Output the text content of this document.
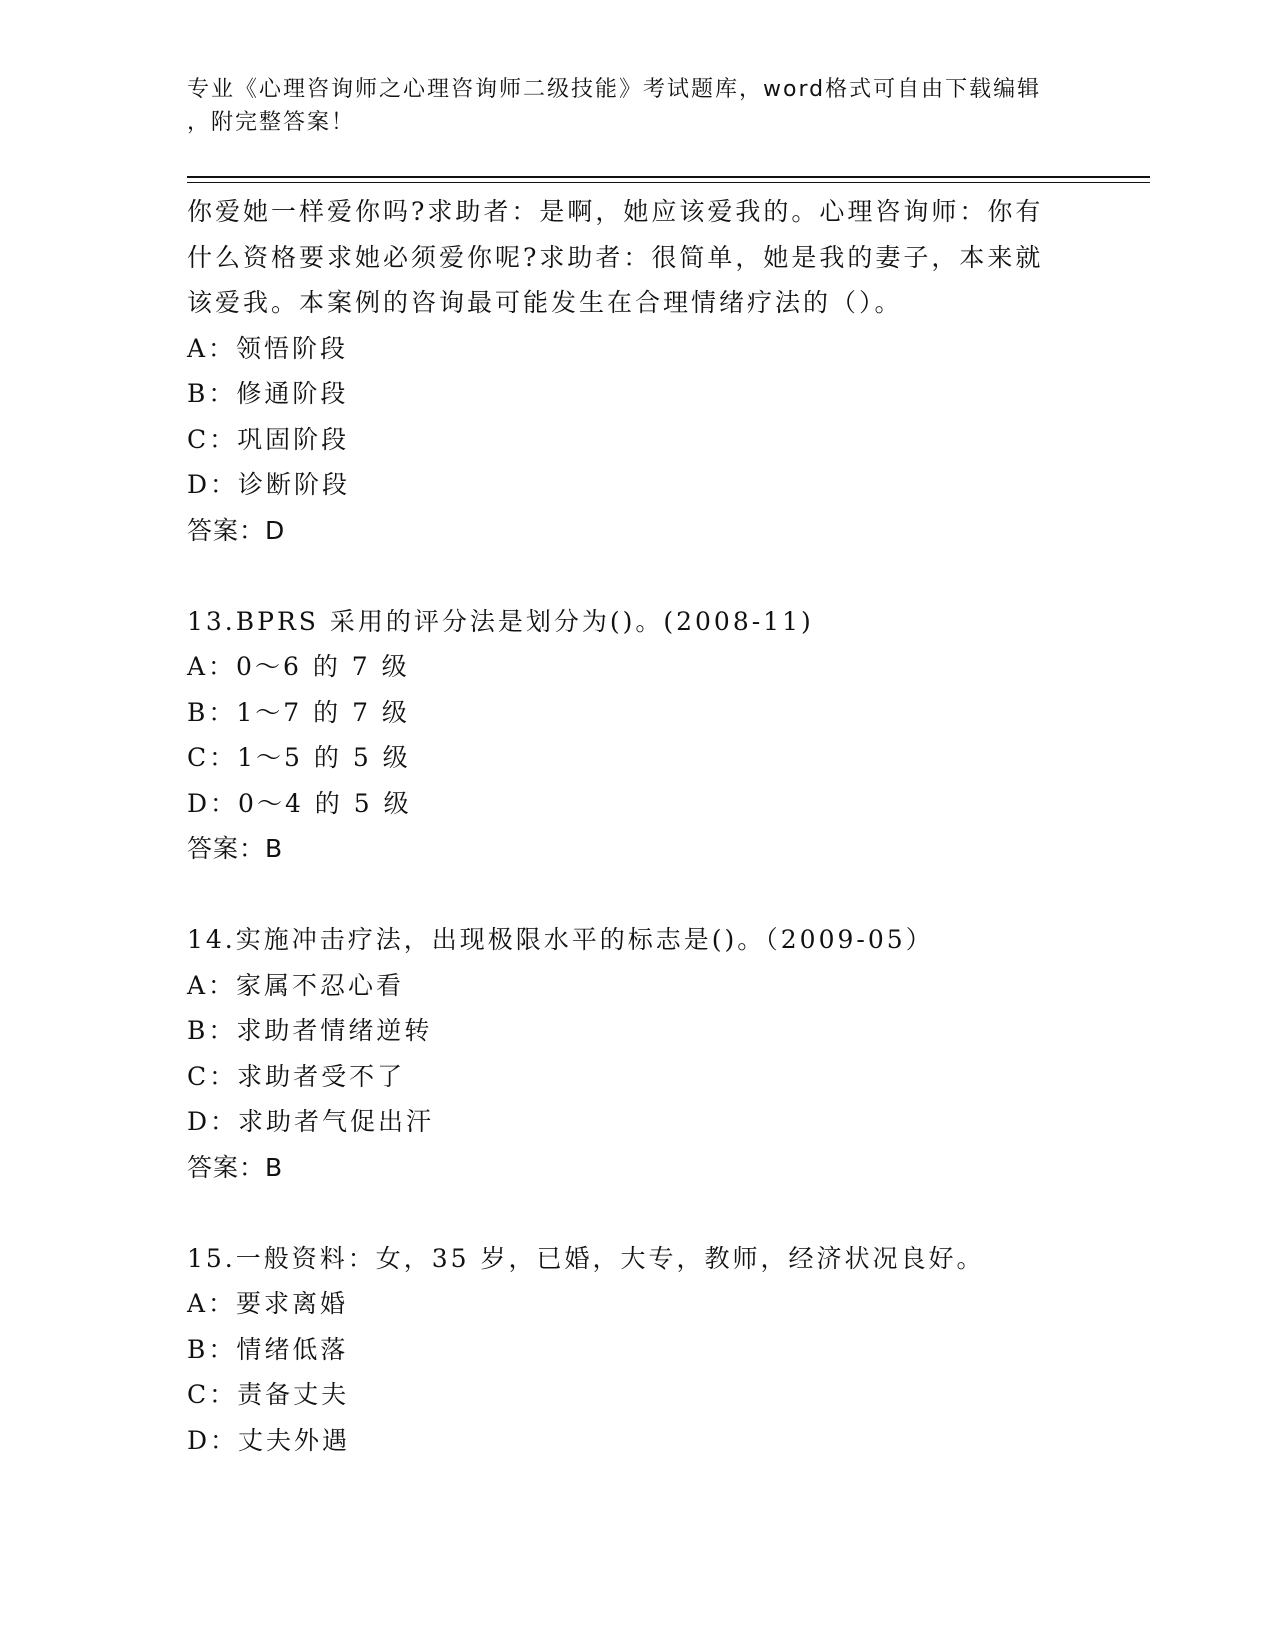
专业《心理咨询师之心理咨询师二级技能》考试题库，word格式可自由下载编辑
，附完整答案！
你爱她一样爱你吗?求助者：是啊，她应该爱我的。心理咨询师：你有
什么资格要求她必须爱你呢?求助者：很简单，她是我的妻子，本来就
该爱我。本案例的咨询最可能发生在合理情绪疗法的（）。
A：领悟阶段
B：修通阶段
C：巩固阶段
D：诊断阶段
答案：D
13.BPRS 采用的评分法是划分为()。(2008-11)
A：0～6 的 7 级
B：1～7 的 7 级
C：1～5 的 5 级
D：0～4 的 5 级
答案：B
14.实施冲击疗法，出现极限水平的标志是()。（2009-05）
A：家属不忍心看
B：求助者情绪逆转
C：求助者受不了
D：求助者气促出汗
答案：B
15.一般资料：女，35 岁，已婚，大专，教师，经济状况良好。
A：要求离婚
B：情绪低落
C：责备丈夫
D：丈夫外遇
